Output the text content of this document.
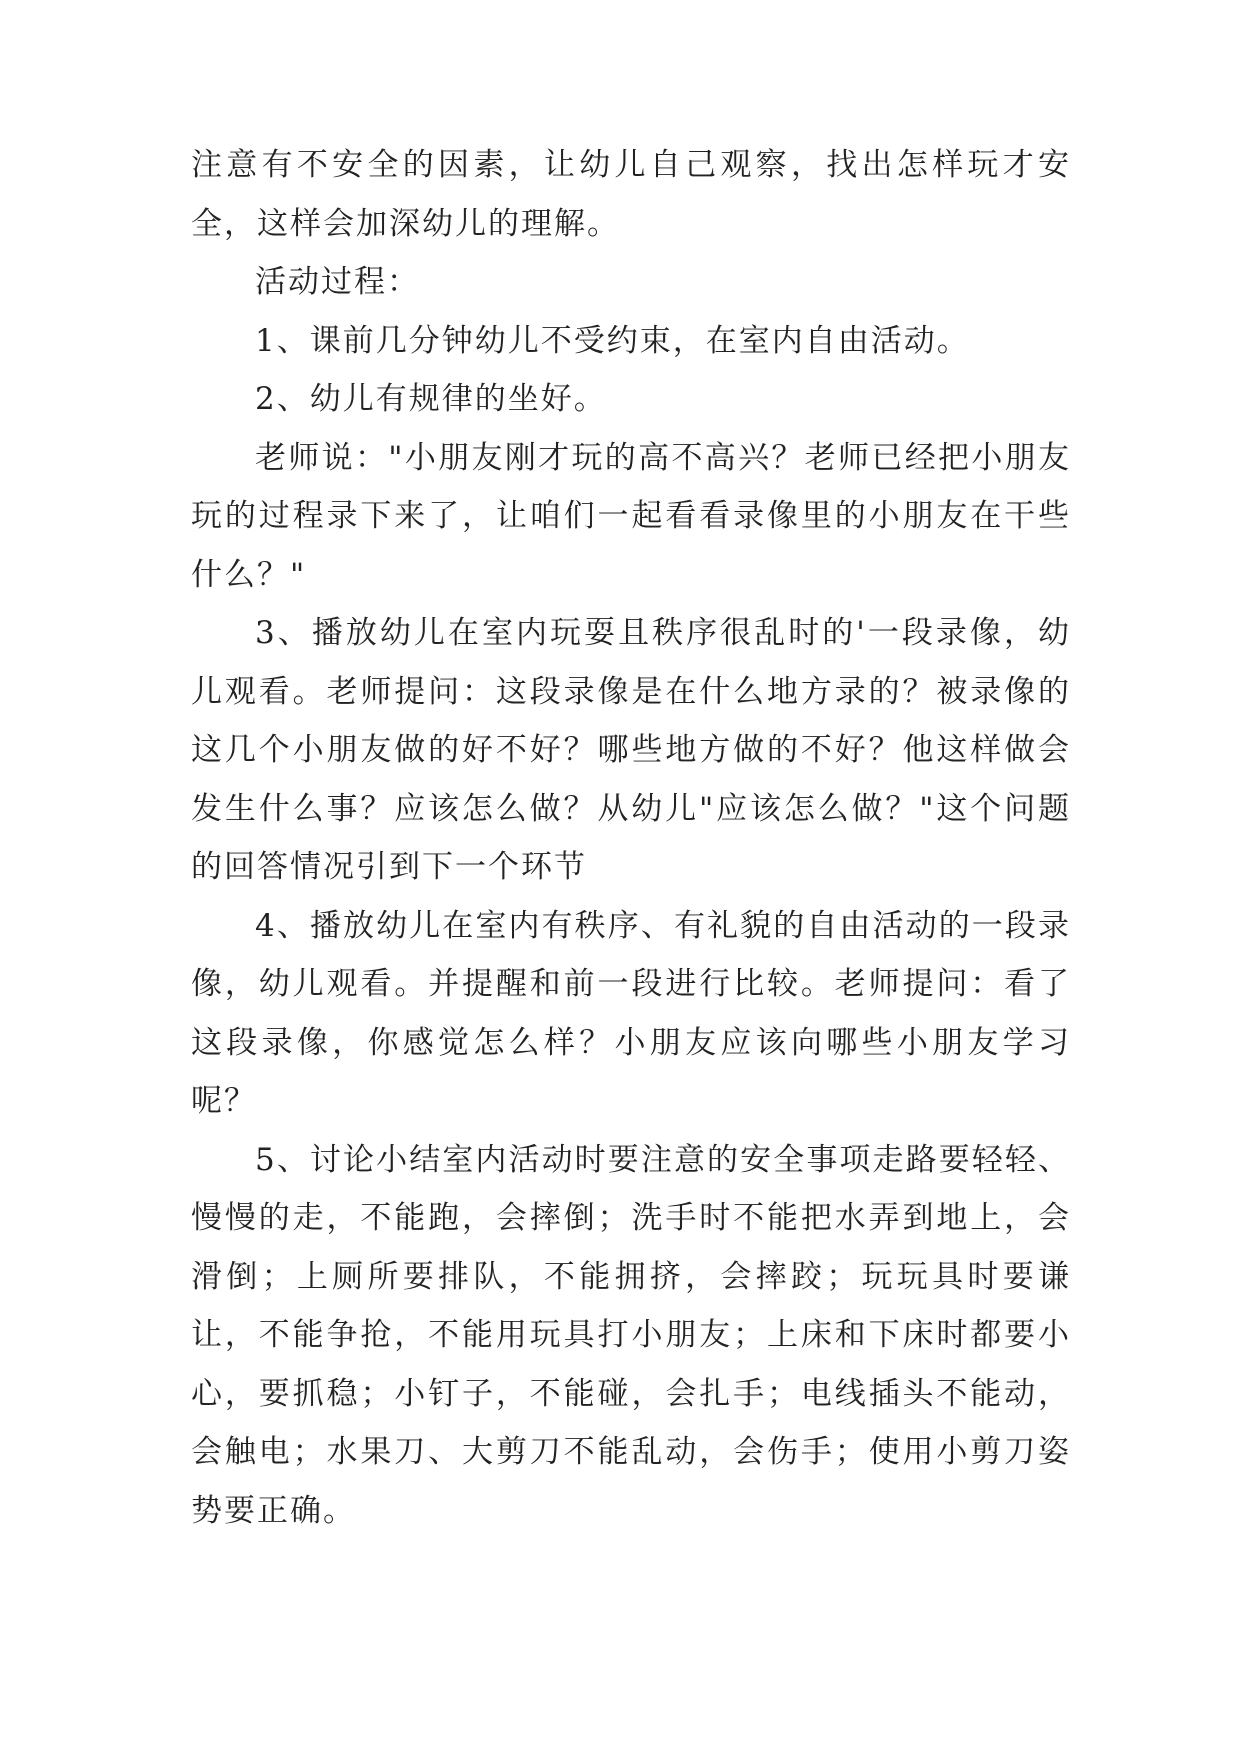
注意有不安全的因素，让幼儿自己观察，找出怎样玩才安全，这样会加深幼儿的理解。

活动过程：

1、课前几分钟幼儿不受约束，在室内自由活动。

2、幼儿有规律的坐好。

老师说："小朋友刚才玩的高不高兴？老师已经把小朋友玩的过程录下来了，让咱们一起看看录像里的小朋友在干些什么？"

3、播放幼儿在室内玩耍且秩序很乱时的'一段录像，幼儿观看。老师提问：这段录像是在什么地方录的？被录像的这几个小朋友做的好不好？哪些地方做的不好？他这样做会发生什么事？应该怎么做？从幼儿"应该怎么做？"这个问题的回答情况引到下一个环节

4、播放幼儿在室内有秩序、有礼貌的自由活动的一段录像，幼儿观看。并提醒和前一段进行比较。老师提问：看了这段录像，你感觉怎么样？小朋友应该向哪些小朋友学习呢？

5、讨论小结室内活动时要注意的安全事项走路要轻轻、慢慢的走，不能跑，会摔倒；洗手时不能把水弄到地上，会滑倒；上厕所要排队，不能拥挤，会摔跤；玩玩具时要谦让，不能争抢，不能用玩具打小朋友；上床和下床时都要小心，要抓稳；小钉子，不能碰，会扎手；电线插头不能动，会触电；水果刀、大剪刀不能乱动，会伤手；使用小剪刀姿势要正确。
